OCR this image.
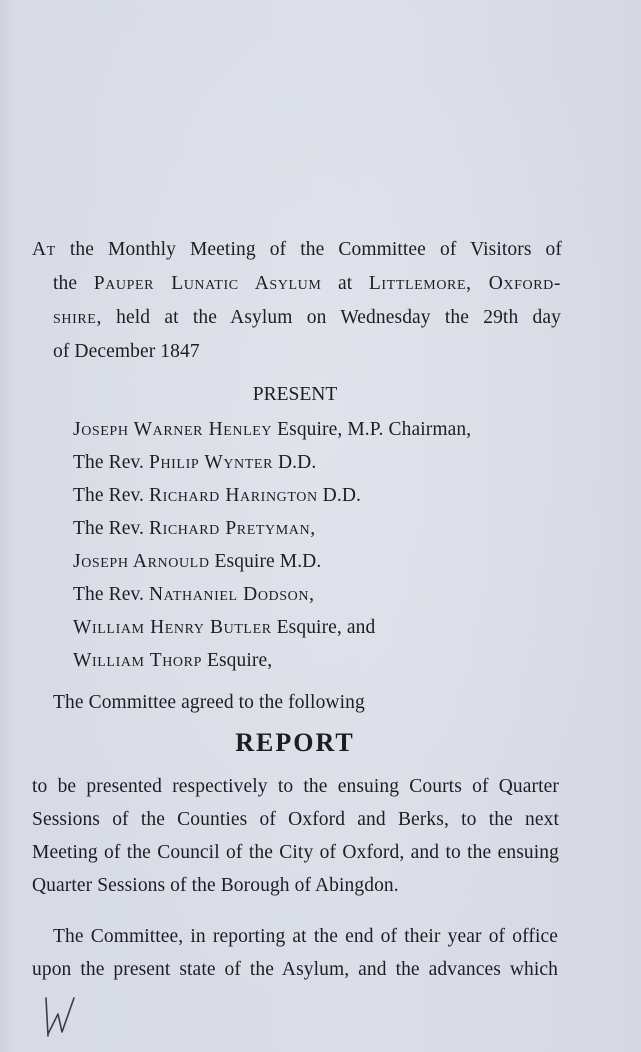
At the Monthly Meeting of the Committee of Visitors of
the Pauper Lunatic Asylum at Littlemore, Oxford-
shire, held at the Asylum on Wednesday the 29th day
of December 1847
PRESENT
Joseph Warner Henley Esquire, M.P. Chairman,
The Rev. Philip Wynter D.D.
The Rev. Richard Harington D.D.
The Rev. Richard Pretyman,
Joseph Arnould Esquire M.D.
The Rev. Nathaniel Dodson,
William Henry Butler Esquire, and
William Thorp Esquire,
The Committee agreed to the following
REPORT
to be presented respectively to the ensuing Courts of Quarter
Sessions of the Counties of Oxford and Berks, to the next
Meeting of the Council of the City of Oxford, and to the ensuing
Quarter Sessions of the Borough of Abingdon.
The Committee, in reporting at the end of their year of office
upon the present state of the Asylum, and the advances which
